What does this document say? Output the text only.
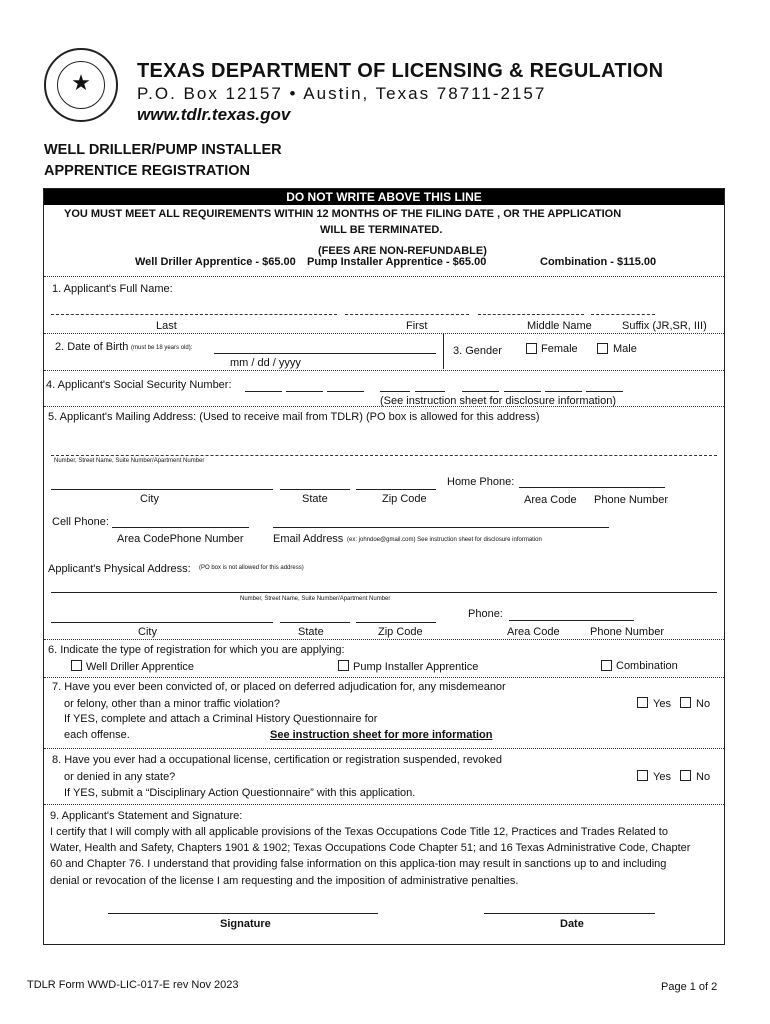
★	TEXAS DEPARTMENT OF LICENSING & REGULATION
P.O. Box 12157 • Austin, Texas 78711-2157
www.tdlr.texas.gov
WELL DRILLER/PUMP INSTALLER
APPRENTICE REGISTRATION
DO NOT WRITE ABOVE THIS LINE
YOU MUST MEET ALL REQUIREMENTS WITHIN 12 MONTHS OF THE FILING DATE , OR THE APPLICATION
WILL BE TERMINATED.
(FEES ARE NON-REFUNDABLE)
Well Driller Apprentice - $65.00 Pump Installer Apprentice - $65.00	Combination - $115.00
1. Applicant's Full Name:
Last	First	Middle Name	Suffix (JR,SR, III)
2. Date of Birth (must be 18 years old):
mm / dd / yyyy
3. Gender	Female	Male
4. Applicant's Social Security Number:
(See instruction sheet for disclosure information)
5. Applicant's Mailing Address: (Used to receive mail from TDLR) (PO box is allowed for this address)
Number, Street Name, Suite Number/Apartment Number
Home Phone:
City	State	Zip Code	Area Code Phone Number
Cell Phone:
Area CodePhone Number	Email Address (ex: johndoe@gmail.com) See instruction sheet for disclosure information
Applicant's Physical Address: (PO box is not allowed for this address)
Number, Street Name, Suite Number/Apartment Number
Phone:
City	State	Zip Code	Area Code	Phone Number
6. Indicate the type of registration for which you are applying:
Well Driller Apprentice	Pump Installer Apprentice	Combination
7. Have you ever been convicted of, or placed on deferred adjudication for, any misdemeanor
or felony, other than a minor traffic violation?	Yes No
If YES, complete and attach a Criminal History Questionnaire for
each offense.	See instruction sheet for more information
8. Have you ever had a occupational license, certification or registration suspended, revoked
or denied in any state?	Yes No
If YES, submit a “Disciplinary Action Questionnaire” with this application.
9. Applicant's Statement and Signature:
I certify that I will comply with all applicable provisions of the Texas Occupations Code Title 12, Practices and Trades Related to
Water, Health and Safety, Chapters 1901 & 1902; Texas Occupations Code Chapter 51; and 16 Texas Administrative Code, Chapter
60 and Chapter 76. I understand that providing false information on this applica-tion may result in sanctions up to and including
denial or revocation of the license I am requesting and the imposition of administrative penalties.
Signature	Date
TDLR Form WWD-LIC-017-E rev Nov 2023	Page 1 of 2
